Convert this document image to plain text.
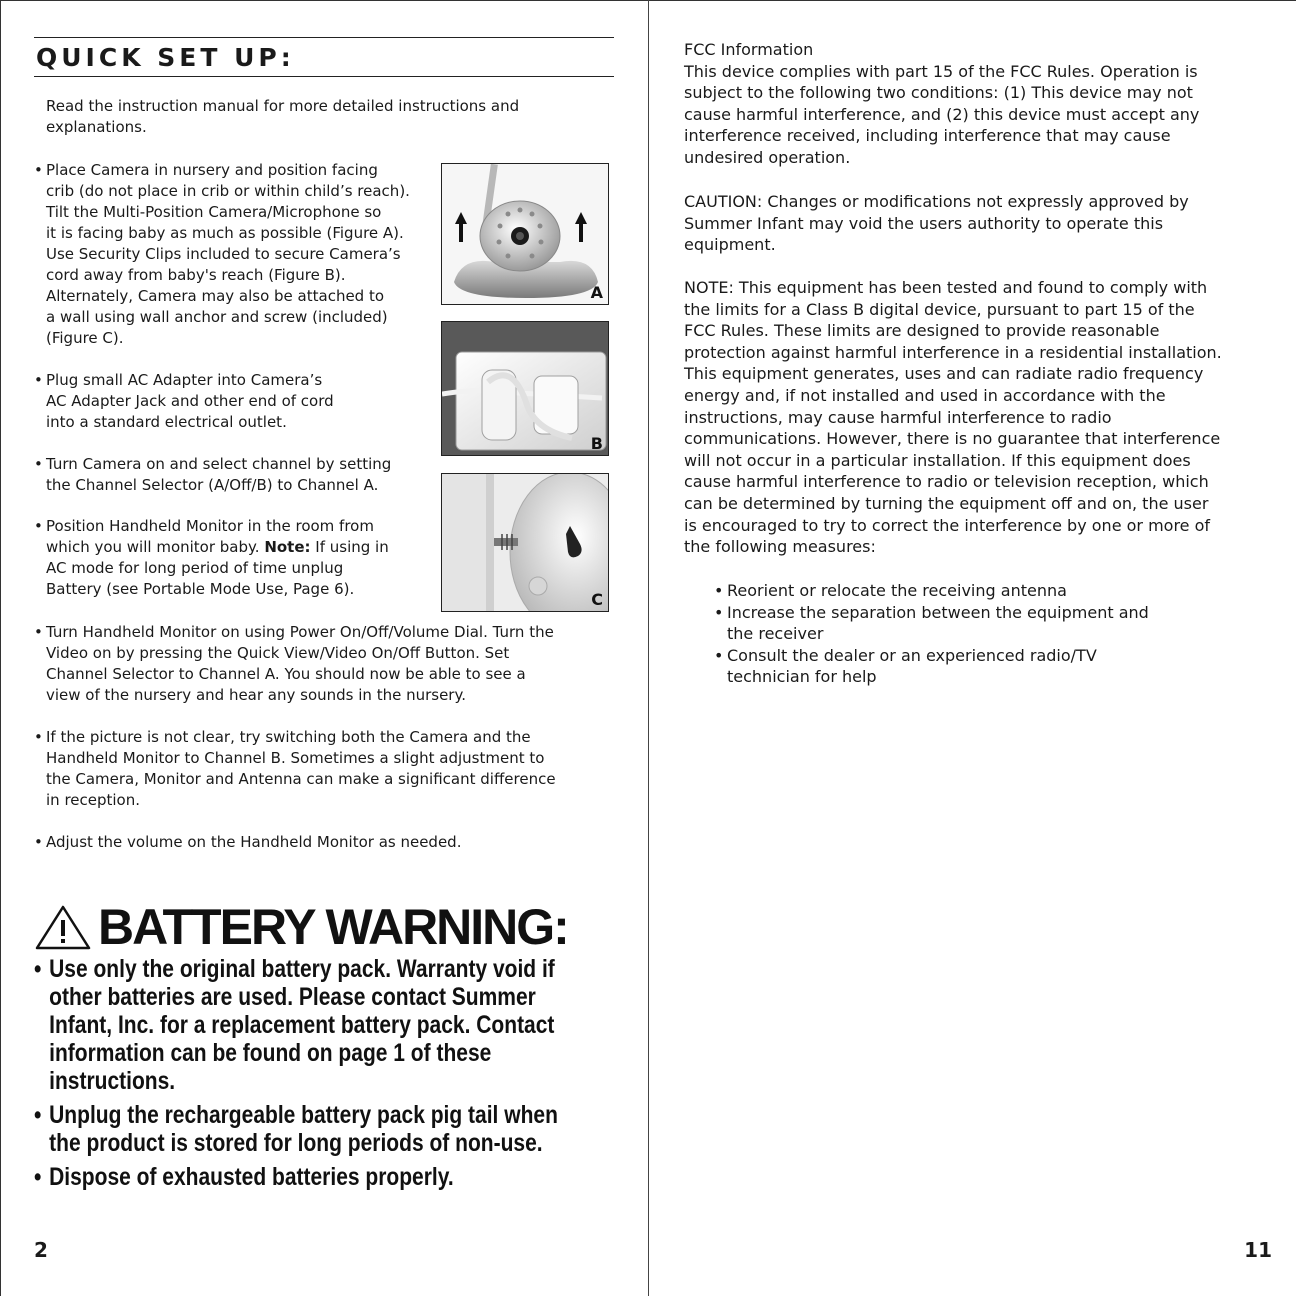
QUICK SET UP:

Read the instruction manual for more detailed instructions and
explanations.

• Place Camera in nursery and position facing
crib (do not place in crib or within child’s reach).
Tilt the Multi-Position Camera/Microphone so
it is facing baby as much as possible (Figure A).
Use Security Clips included to secure Camera’s
cord away from baby's reach (Figure B).
Alternately, Camera may also be attached to
a wall using wall anchor and screw (included)
(Figure C).

• Plug small AC Adapter into Camera’s
AC Adapter Jack and other end of cord
into a standard electrical outlet.

• Turn Camera on and select channel by setting
the Channel Selector (A/Off/B) to Channel A.

• Position Handheld Monitor in the room from
which you will monitor baby. Note: If using in
AC mode for long period of time unplug
Battery (see Portable Mode Use, Page 6).

• Turn Handheld Monitor on using Power On/Off/Volume Dial. Turn the
Video on by pressing the Quick View/Video On/Off Button. Set
Channel Selector to Channel A. You should now be able to see a
view of the nursery and hear any sounds in the nursery.

• If the picture is not clear, try switching both the Camera and the
Handheld Monitor to Channel B. Sometimes a slight adjustment to
the Camera, Monitor and Antenna can make a significant difference
in reception.

• Adjust the volume on the Handheld Monitor as needed.

A
B
C
BATTERY WARNING:
• Use only the original battery pack. Warranty void if
other batteries are used. Please contact Summer
Infant, Inc. for a replacement battery pack. Contact
information can be found on page 1 of these
instructions.
• Unplug the rechargeable battery pack pig tail when
the product is stored for long periods of non-use.
• Dispose of exhausted batteries properly.

2

FCC Information
This device complies with part 15 of the FCC Rules. Operation is
subject to the following two conditions: (1) This device may not
cause harmful interference, and (2) this device must accept any
interference received, including interference that may cause
undesired operation.

CAUTION: Changes or modifications not expressly approved by
Summer Infant may void the users authority to operate this
equipment.

NOTE: This equipment has been tested and found to comply with
the limits for a Class B digital device, pursuant to part 15 of the
FCC Rules. These limits are designed to provide reasonable
protection against harmful interference in a residential installation.
This equipment generates, uses and can radiate radio frequency
energy and, if not installed and used in accordance with the
instructions, may cause harmful interference to radio
communications. However, there is no guarantee that interference
will not occur in a particular installation. If this equipment does
cause harmful interference to radio or television reception, which
can be determined by turning the equipment off and on, the user
is encouraged to try to correct the interference by one or more of
the following measures:

• Reorient or relocate the receiving antenna
• Increase the separation between the equipment and
the receiver
• Consult the dealer or an experienced radio/TV
technician for help

11
